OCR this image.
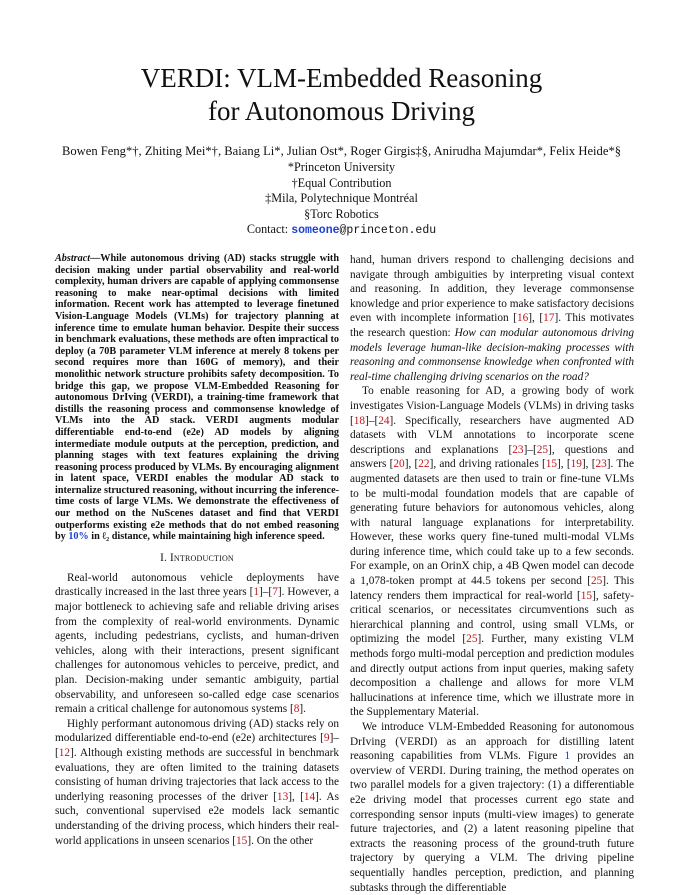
VERDI: VLM-Embedded Reasoning
for Autonomous Driving
Bowen Feng*†, Zhiting Mei*†, Baiang Li*, Julian Ost*, Roger Girgis‡§, Anirudha Majumdar*, Felix Heide*§
*Princeton University
†Equal Contribution
‡Mila, Polytechnique Montréal
§Torc Robotics
Contact: someone@princeton.edu

Abstract—While autonomous driving (AD) stacks struggle with decision making under partial observability and real-world complexity, human drivers are capable of applying commonsense reasoning to make near-optimal decisions with limited information. Recent work has attempted to leverage finetuned Vision-Language Models (VLMs) for trajectory planning at inference time to emulate human behavior. Despite their success in benchmark evaluations, these methods are often impractical to deploy (a 70B parameter VLM inference at merely 8 tokens per second requires more than 160G of memory), and their monolithic network structure prohibits safety decomposition. To bridge this gap, we propose VLM-Embedded Reasoning for autonomous DrIving (VERDI), a training-time framework that distills the reasoning process and commonsense knowledge of VLMs into the AD stack. VERDI augments modular differentiable end-to-end (e2e) AD models by aligning intermediate module outputs at the perception, prediction, and planning stages with text features explaining the driving reasoning process produced by VLMs. By encouraging alignment in latent space, VERDI enables the modular AD stack to internalize structured reasoning, without incurring the inference-time costs of large VLMs. We demonstrate the effectiveness of our method on the NuScenes dataset and find that VERDI outperforms existing e2e methods that do not embed reasoning by 10% in ℓ₂ distance, while maintaining high inference speed.

I. Introduction

Real-world autonomous vehicle deployments have drastically increased in the last three years [1]–[7]. However, a major bottleneck to achieving safe and reliable driving arises from the complexity of real-world environments. Dynamic agents, including pedestrians, cyclists, and human-driven vehicles, along with their interactions, present significant challenges for autonomous vehicles to perceive, predict, and plan. Decision-making under semantic ambiguity, partial observability, and unforeseen so-called edge case scenarios remain a critical challenge for autonomous systems [8].

Highly performant autonomous driving (AD) stacks rely on modularized differentiable end-to-end (e2e) architectures [9]–[12]. Although existing methods are successful in benchmark evaluations, they are often limited to the training datasets consisting of human driving trajectories that lack access to the underlying reasoning processes of the driver [13], [14]. As such, conventional supervised e2e models lack semantic understanding of the driving process, which hinders their real-world applications in unseen scenarios [15]. On the other

hand, human drivers respond to challenging decisions and navigate through ambiguities by interpreting visual context and reasoning. In addition, they leverage commonsense knowledge and prior experience to make satisfactory decisions even with incomplete information [16], [17]. This motivates the research question: How can modular autonomous driving models leverage human-like decision-making processes with reasoning and commonsense knowledge when confronted with real-time challenging driving scenarios on the road?

To enable reasoning for AD, a growing body of work investigates Vision-Language Models (VLMs) in driving tasks [18]–[24]. Specifically, researchers have augmented AD datasets with VLM annotations to incorporate scene descriptions and explanations [23]–[25], questions and answers [20], [22], and driving rationales [15], [19], [23]. The augmented datasets are then used to train or fine-tune VLMs to be multi-modal foundation models that are capable of generating future behaviors for autonomous vehicles, along with natural language explanations for interpretability. However, these works query fine-tuned multi-modal VLMs during inference time, which could take up to a few seconds. For example, on an OrinX chip, a 4B Qwen model can decode a 1,078-token prompt at 44.5 tokens per second [25]. This latency renders them impractical for real-world [15], safety-critical scenarios, or necessitates circumventions such as hierarchical planning and control, using small VLMs, or optimizing the model [25]. Further, many existing VLM methods forgo multi-modal perception and prediction modules and directly output actions from input queries, making safety decomposition a challenge and allows for more VLM hallucinations at inference time, which we illustrate more in the Supplementary Material.

We introduce VLM-Embedded Reasoning for autonomous DrIving (VERDI) as an approach for distilling latent reasoning capabilities from VLMs. Figure 1 provides an overview of VERDI. During training, the method operates on two parallel models for a given trajectory: (1) a differentiable e2e driving model that processes current ego state and corresponding sensor inputs (multi-view images) to generate future trajectories, and (2) a latent reasoning pipeline that extracts the reasoning process of the ground-truth future trajectory by querying a VLM. The driving pipeline sequentially handles perception, prediction, and planning subtasks through the differentiable
